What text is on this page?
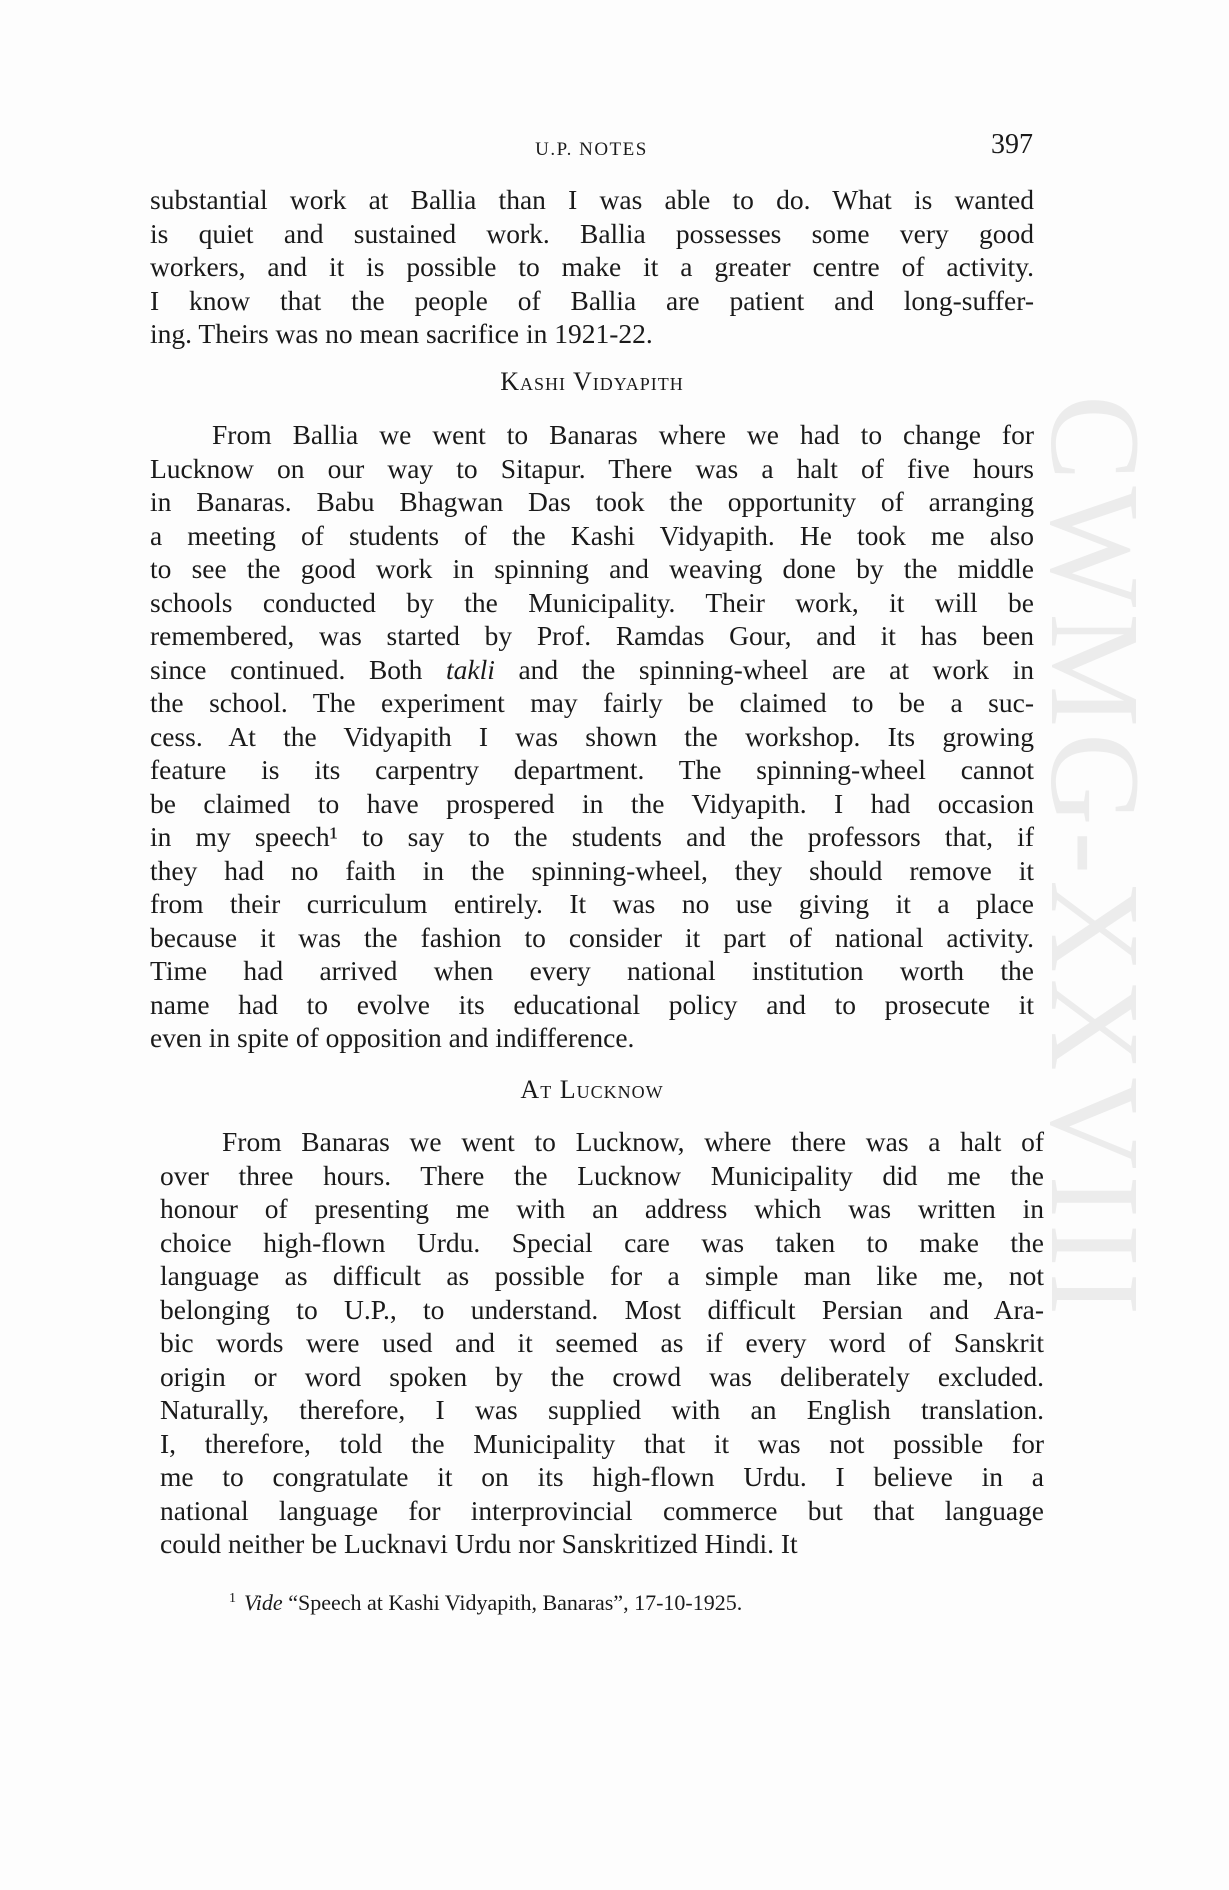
CWMG-XXVIII
U.P. NOTES	397
substantial work at Ballia than I was able to do. What is wanted
is quiet and sustained work. Ballia possesses some very good
workers, and it is possible to make it a greater centre of activity.
I know that the people of Ballia are patient and long-suffer-
ing. Theirs was no mean sacrifice in 1921-22.
Kashi Vidyapith
From Ballia we went to Banaras where we had to change for
Lucknow on our way to Sitapur. There was a halt of five hours
in Banaras. Babu Bhagwan Das took the opportunity of arranging
a meeting of students of the Kashi Vidyapith. He took me also
to see the good work in spinning and weaving done by the middle
schools conducted by the Municipality. Their work, it will be
remembered, was started by Prof. Ramdas Gour, and it has been
since continued. Both takli and the spinning-wheel are at work in
the school. The experiment may fairly be claimed to be a suc-
cess. At the Vidyapith I was shown the workshop. Its growing
feature is its carpentry department. The spinning-wheel cannot
be claimed to have prospered in the Vidyapith. I had occasion
in my speech¹ to say to the students and the professors that, if
they had no faith in the spinning-wheel, they should remove it
from their curriculum entirely. It was no use giving it a place
because it was the fashion to consider it part of national activity.
Time had arrived when every national institution worth the
name had to evolve its educational policy and to prosecute it
even in spite of opposition and indifference.
At Lucknow
From Banaras we went to Lucknow, where there was a halt of
over three hours. There the Lucknow Municipality did me the
honour of presenting me with an address which was written in
choice high-flown Urdu. Special care was taken to make the
language as difficult as possible for a simple man like me, not
belonging to U.P., to understand. Most difficult Persian and Ara-
bic words were used and it seemed as if every word of Sanskrit
origin or word spoken by the crowd was deliberately excluded.
Naturally, therefore, I was supplied with an English translation.
I, therefore, told the Municipality that it was not possible for
me to congratulate it on its high-flown Urdu. I believe in a
national language for interprovincial commerce but that language
could neither be Lucknavi Urdu nor Sanskritized Hindi. It
$^1$ Vide “Speech at Kashi Vidyapith, Banaras”, 17-10-1925.
